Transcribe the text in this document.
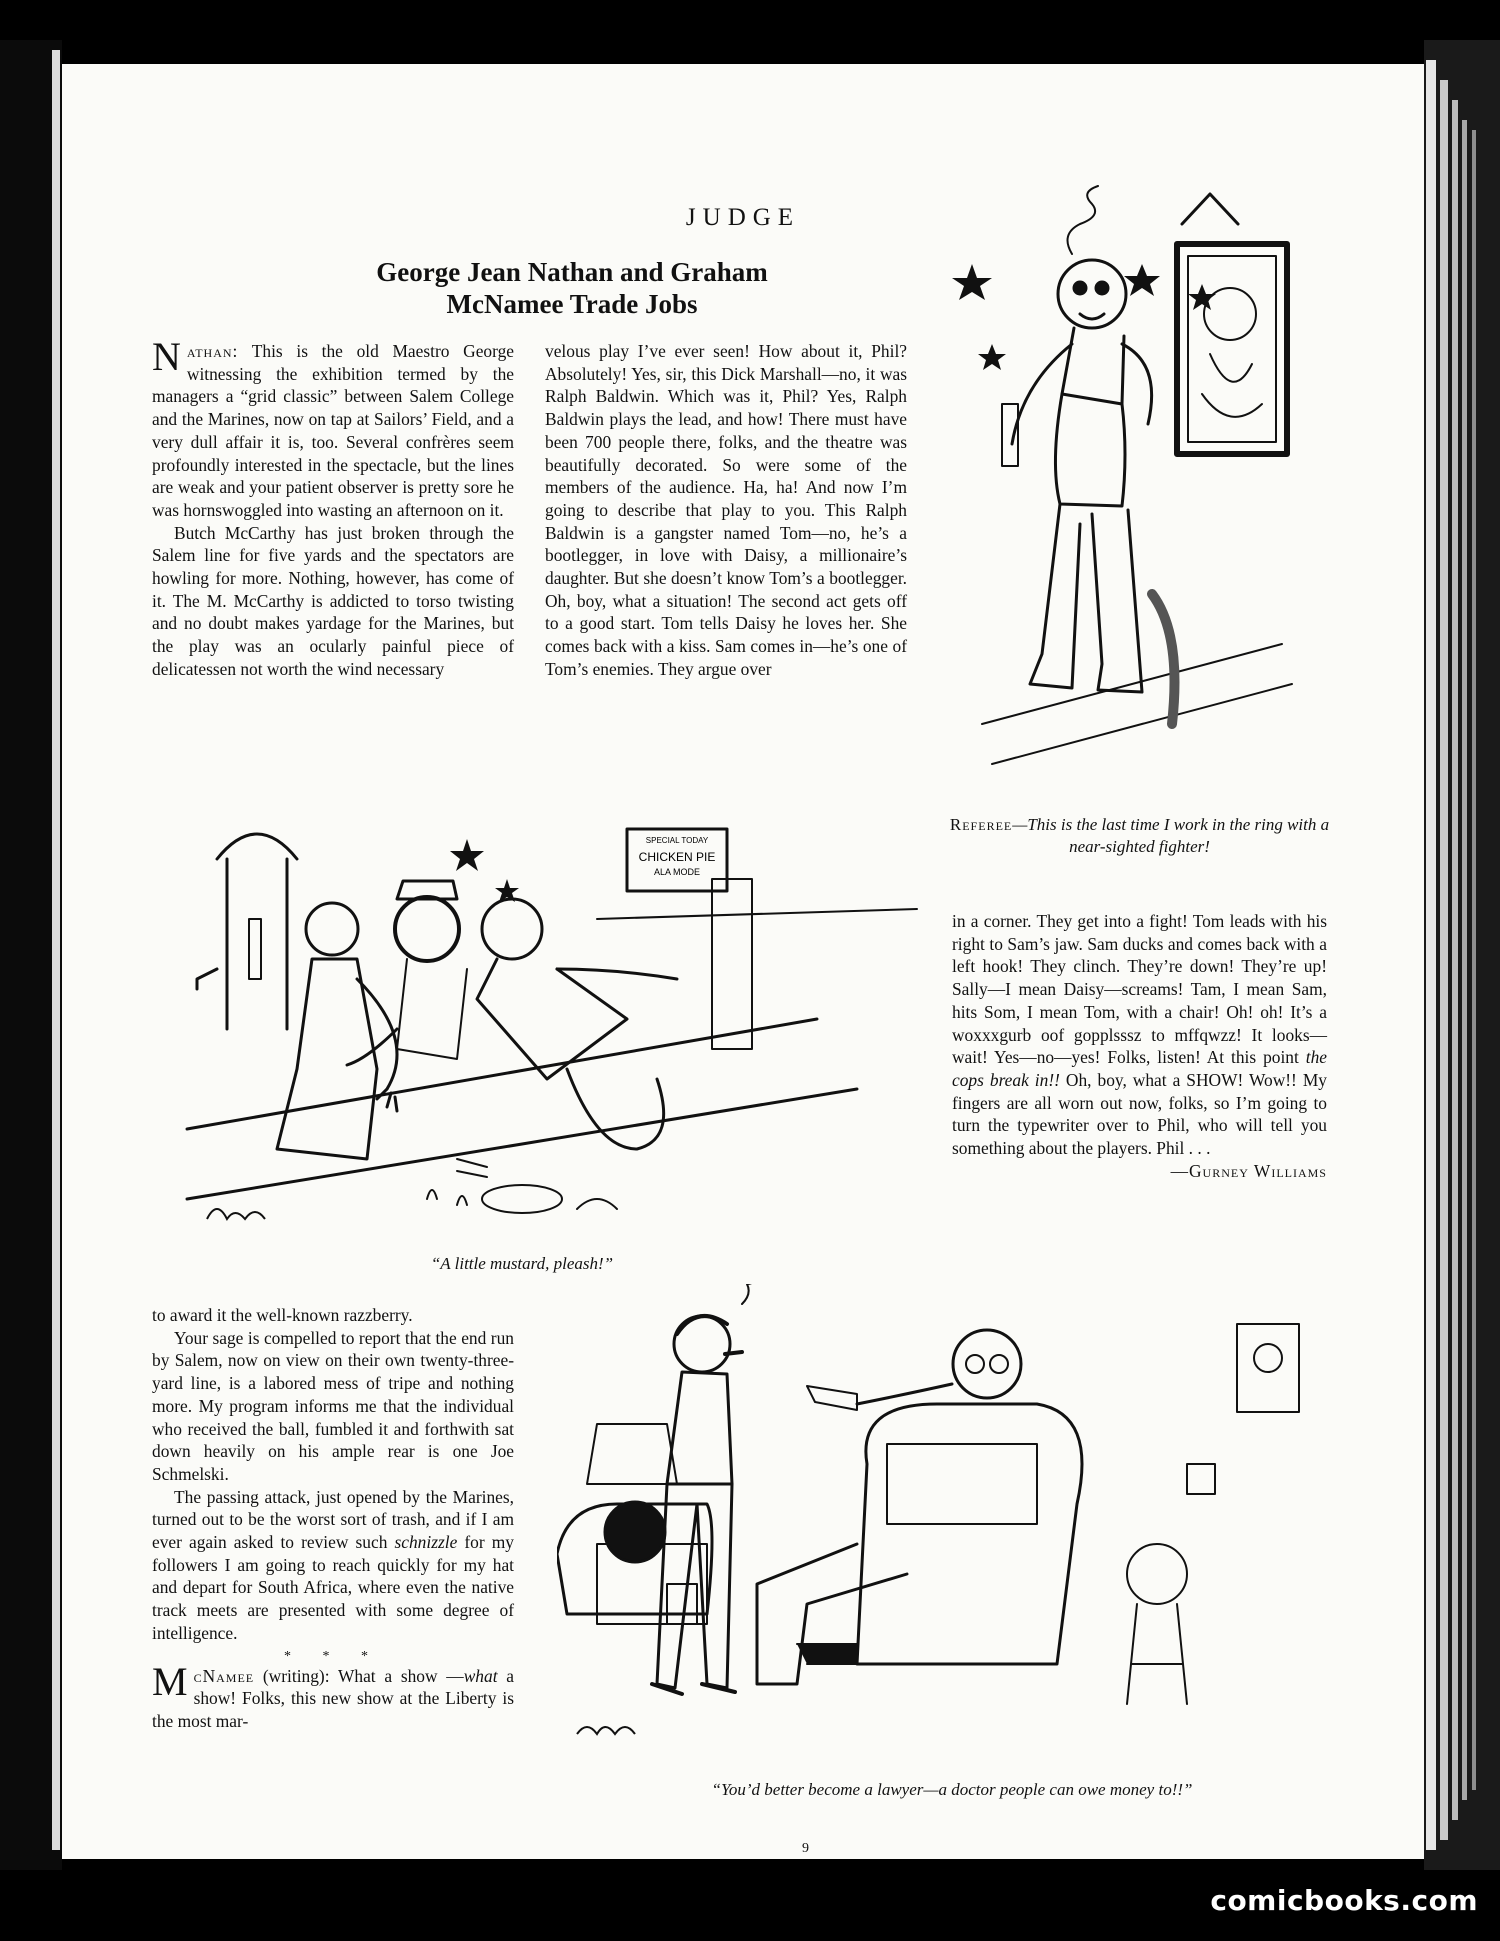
JUDGE
George Jean Nathan and Graham
McNamee Trade Jobs

Nathan: This is the old Maestro George witnessing the exhibition termed by the managers a “grid classic” between Salem College and the Marines, now on tap at Sailors’ Field, and a very dull affair it is, too. Several confrères seem profoundly interested in the spectacle, but the lines are weak and your patient observer is pretty sore he was hornswoggled into wasting an afternoon on it.

Butch McCarthy has just broken through the Salem line for five yards and the spectators are howling for more. Nothing, however, has come of it. The M. McCarthy is addicted to torso twisting and no doubt makes yardage for the Marines, but the play was an ocularly painful piece of delicatessen not worth the wind necessary

velous play I’ve ever seen! How about it, Phil? Absolutely! Yes, sir, this Dick Marshall—no, it was Ralph Baldwin. Which was it, Phil? Yes, Ralph Baldwin plays the lead, and how! There must have been 700 people there, folks, and the theatre was beautifully decorated. So were some of the members of the audience. Ha, ha! And now I’m going to describe that play to you. This Ralph Baldwin is a gangster named Tom—no, he’s a bootlegger, in love with Daisy, a millionaire’s daughter. But she doesn’t know Tom’s a bootlegger. Oh, boy, what a situation! The second act gets off to a good start. Tom tells Daisy he loves her. She comes back with a kiss. Sam comes in—he’s one of Tom’s enemies. They argue over

Referee—This is the last time I work in the ring with a near-sighted fighter!
SPECIAL TODAY
CHICKEN PIE
ALA MODE
“A little mustard, pleash!”

in a corner. They get into a fight! Tom leads with his right to Sam’s jaw. Sam ducks and comes back with a left hook! They clinch. They’re down! They’re up! Sally—I mean Daisy—screams! Tam, I mean Sam, hits Som, I mean Tom, with a chair! Oh! oh! It’s a woxxxgurb oof gopplsssz to mffqwzz! It looks—wait! Yes—no—yes! Folks, listen! At this point the cops break in!! Oh, boy, what a SHOW! Wow!! My fingers are all worn out now, folks, so I’m going to turn the typewriter over to Phil, who will tell you something about the players. Phil . . .

—Gurney Williams

to award it the well-known razzberry.

Your sage is compelled to report that the end run by Salem, now on view on their own twenty-three-yard line, is a labored mess of tripe and nothing more. My program informs me that the individual who received the ball, fumbled it and forthwith sat down heavily on his ample rear is one Joe Schmelski.

The passing attack, just opened by the Marines, turned out to be the worst sort of trash, and if I am ever again asked to review such schnizzle for my followers I am going to reach quickly for my hat and depart for South Africa, where even the native track meets are presented with some degree of intelligence.

* * *

McNamee (writing): What a show —what a show! Folks, this new show at the Liberty is the most mar-

“You’d better become a lawyer—a doctor people can owe money to!!”
9
comicbooks.com
